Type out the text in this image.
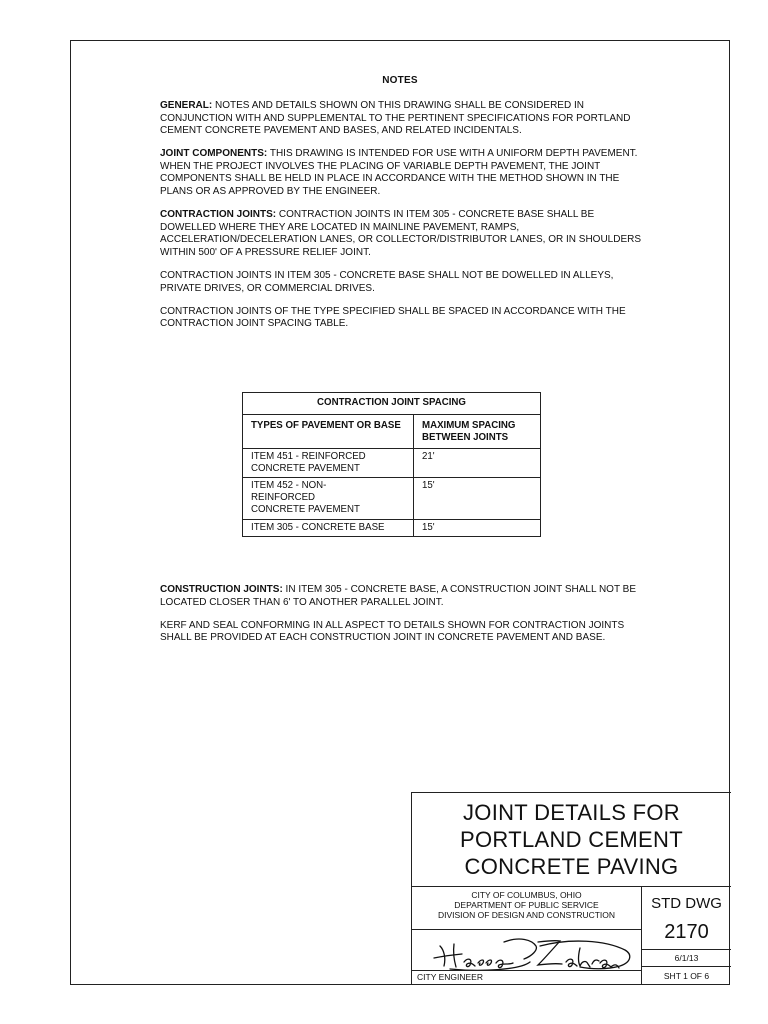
NOTES

GENERAL: NOTES AND DETAILS SHOWN ON THIS DRAWING SHALL BE CONSIDERED IN CONJUNCTION WITH AND SUPPLEMENTAL TO THE PERTINENT SPECIFICATIONS FOR PORTLAND CEMENT CONCRETE PAVEMENT AND BASES, AND RELATED INCIDENTALS.

JOINT COMPONENTS: THIS DRAWING IS INTENDED FOR USE WITH A UNIFORM DEPTH PAVEMENT. WHEN THE PROJECT INVOLVES THE PLACING OF VARIABLE DEPTH PAVEMENT, THE JOINT COMPONENTS SHALL BE HELD IN PLACE IN ACCORDANCE WITH THE METHOD SHOWN IN THE PLANS OR AS APPROVED BY THE ENGINEER.

CONTRACTION JOINTS: CONTRACTION JOINTS IN ITEM 305 - CONCRETE BASE SHALL BE DOWELLED WHERE THEY ARE LOCATED IN MAINLINE PAVEMENT, RAMPS, ACCELERATION/DECELERATION LANES, OR COLLECTOR/DISTRIBUTOR LANES, OR IN SHOULDERS WITHIN 500' OF A PRESSURE RELIEF JOINT.

CONTRACTION JOINTS IN ITEM 305 - CONCRETE BASE SHALL NOT BE DOWELLED IN ALLEYS, PRIVATE DRIVES, OR COMMERCIAL DRIVES.

CONTRACTION JOINTS OF THE TYPE SPECIFIED SHALL BE SPACED IN ACCORDANCE WITH THE CONTRACTION JOINT SPACING TABLE.

CONTRACTION JOINT SPACING	
TYPES OF PAVEMENT OR BASE	MAXIMUM SPACING BETWEEN JOINTS
ITEM 451 - REINFORCED CONCRETE PAVEMENT	21'

ITEM 452 - NON-REINFORCED CONCRETE PAVEMENT	15'
ITEM 305 - CONCRETE BASE	15'

CONSTRUCTION JOINTS: IN ITEM 305 - CONCRETE BASE, A CONSTRUCTION JOINT SHALL NOT BE LOCATED CLOSER THAN 6' TO ANOTHER PARALLEL JOINT.

KERF AND SEAL CONFORMING IN ALL ASPECT TO DETAILS SHOWN FOR CONTRACTION JOINTS SHALL BE PROVIDED AT EACH CONSTRUCTION JOINT IN CONCRETE PAVEMENT AND BASE.

JOINT DETAILS FOR
PORTLAND CEMENT
CONCRETE PAVING
CITY OF COLUMBUS, OHIO
DEPARTMENT OF PUBLIC SERVICE
DIVISION OF DESIGN AND CONSTRUCTION
CITY ENGINEER
STD DWG
2170
6/1/13
SHT 1 OF 6
